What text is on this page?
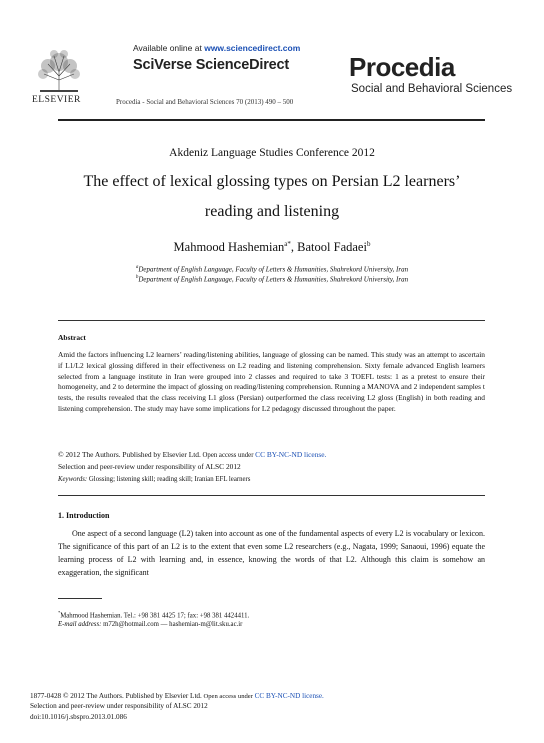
ELSEVIER
Available online at www.sciencedirect.com
SciVerse ScienceDirect Procedia
Social and Behavioral Sciences
Procedia - Social and Behavioral Sciences 70 (2013) 490 – 500
Akdeniz Language Studies Conference 2012
The effect of lexical glossing types on Persian L2 learners’
reading and listening
Mahmood Hashemian$^{a*}$, Batool Fadaei$^b$
$^a$Department of English Language, Faculty of Letters & Humanities, Shahrekord University, Iran
$^b$Department of English Language, Faculty of Letters & Humanities, Shahrekord University, Iran
Abstract
Amid the factors influencing L2 learners’ reading/listening abilities, language of glossing can be named. This study was an attempt to ascertain if L1/L2 lexical glossing differed in their effectiveness on L2 reading and listening comprehension. Sixty female advanced English learners selected from a language institute in Iran were grouped into 2 classes and required to take 3 TOEFL tests: 1 as a pretest to ensure their homogeneity, and 2 to determine the impact of glossing on reading/listening comprehension. Running a MANOVA and 2 independent samples t tests, the results revealed that the class receiving L1 gloss (Persian) outperformed the class receiving L2 gloss (English) in both reading and listening comprehension. The study may have some implications for L2 pedagogy discussed throughout the paper.
© 2012 The Authors. Published by Elsevier Ltd. Open access under CC BY-NC-ND license.
Selection and peer-review under responsibility of ALSC 2012
Keywords: Glossing; listening skill; reading skill; Iranian EFL learners
1. Introduction
One aspect of a second language (L2) taken into account as one of the fundamental aspects of every L2 is vocabulary or lexicon. The significance of this part of an L2 is to the extent that even some L2 researchers (e.g., Nagata, 1999; Sanaoui, 1996) equate the learning process of L2 with learning and, in essence, knowing the words of that L2. Although this claim is somehow an exaggeration, the significant
*Mahmood Hashemian. Tel.: +98 381 4425 17; fax: +98 381 4424411.
E-mail address: m72h@hotmail.com — hashemian-m@lit.sku.ac.ir
1877-0428 © 2012 The Authors. Published by Elsevier Ltd. Open access under CC BY-NC-ND license.
Selection and peer-review under responsibility of ALSC 2012
doi:10.1016/j.sbspro.2013.01.086
